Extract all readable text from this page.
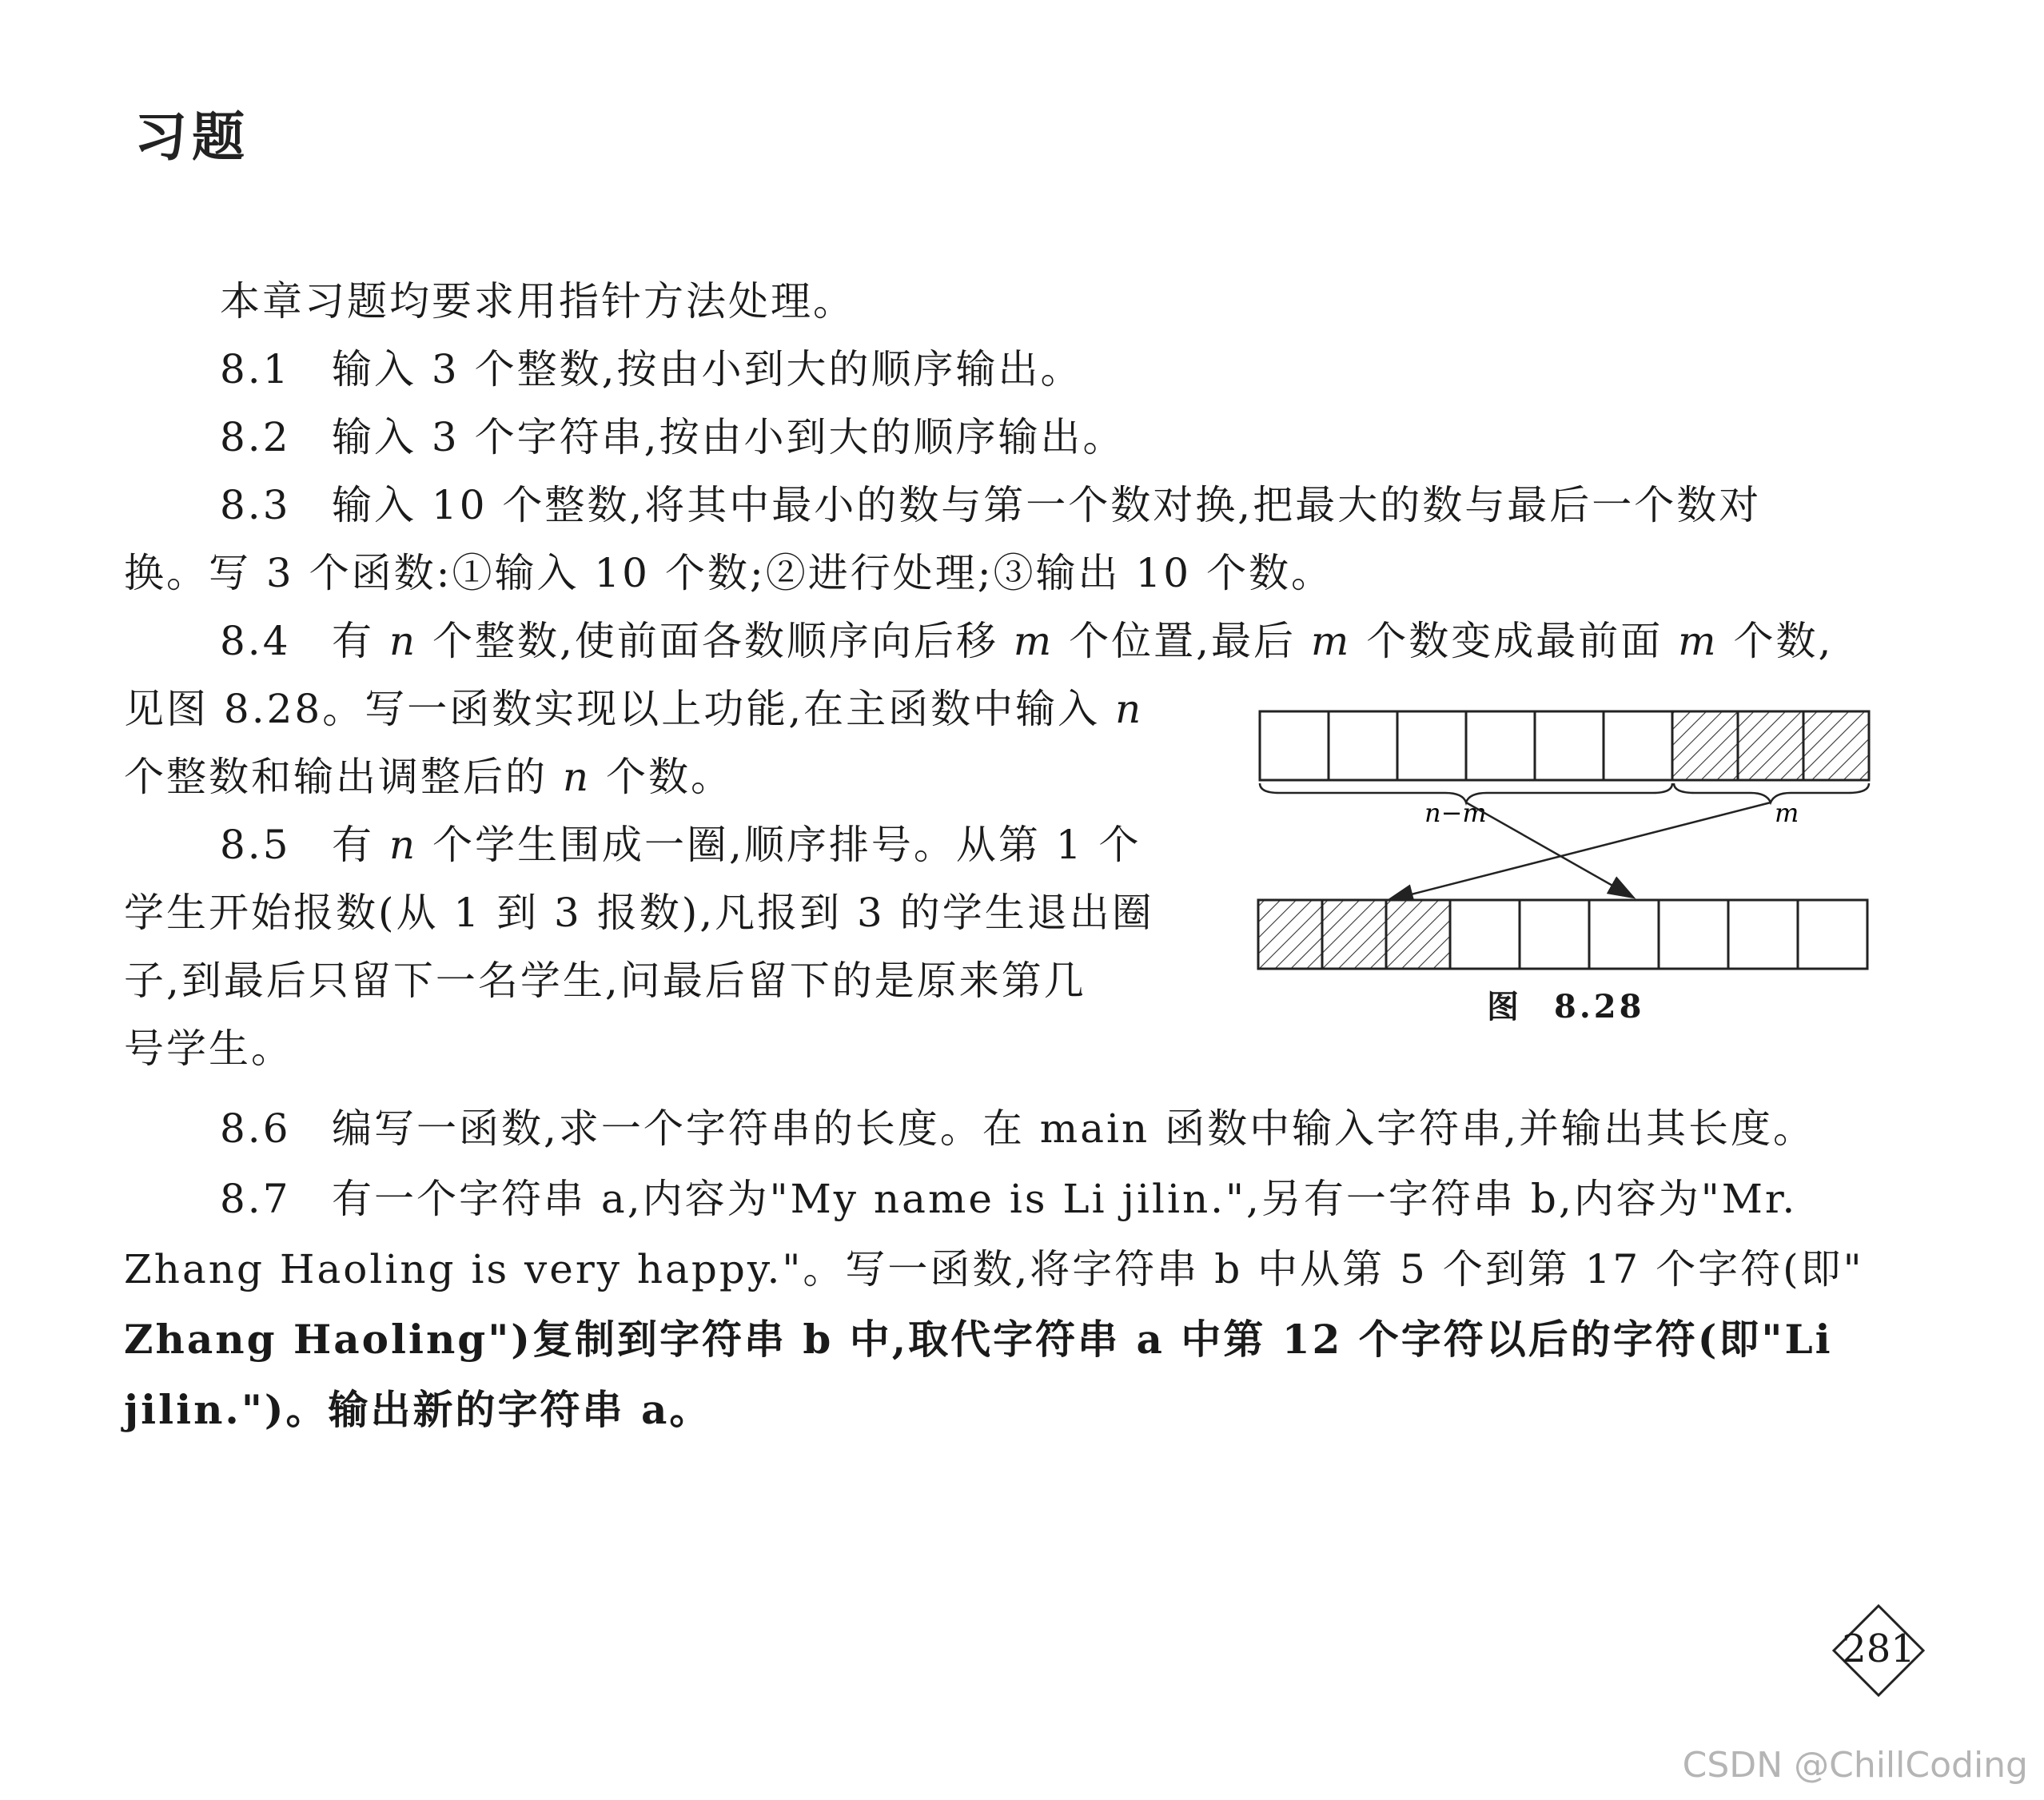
习题
本章习题均要求用指针方法处理。
8.1 输入 3 个整数,按由小到大的顺序输出。
8.2 输入 3 个字符串,按由小到大的顺序输出。
8.3 输入 10 个整数,将其中最小的数与第一个数对换,把最大的数与最后一个数对
换。写 3 个函数:①输入 10 个数;②进行处理;③输出 10 个数。
8.4 有 n 个整数,使前面各数顺序向后移 m 个位置,最后 m 个数变成最前面 m 个数,
见图 8.28。写一函数实现以上功能,在主函数中输入 n
个整数和输出调整后的 n 个数。
8.5 有 n 个学生围成一圈,顺序排号。从第 1 个
学生开始报数(从 1 到 3 报数),凡报到 3 的学生退出圈
子,到最后只留下一名学生,问最后留下的是原来第几
号学生。
n−m	m
图 8.28
8.6 编写一函数,求一个字符串的长度。在 main 函数中输入字符串,并输出其长度。
8.7 有一个字符串 a,内容为"My name is Li jilin.",另有一字符串 b,内容为"Mr.
Zhang Haoling is very happy."。写一函数,将字符串 b 中从第 5 个到第 17 个字符(即"
Zhang Haoling")复制到字符串 b 中,取代字符串 a 中第 12 个字符以后的字符(即"Li
jilin.")。输出新的字符串 a。
281
CSDN @ChillCoding
